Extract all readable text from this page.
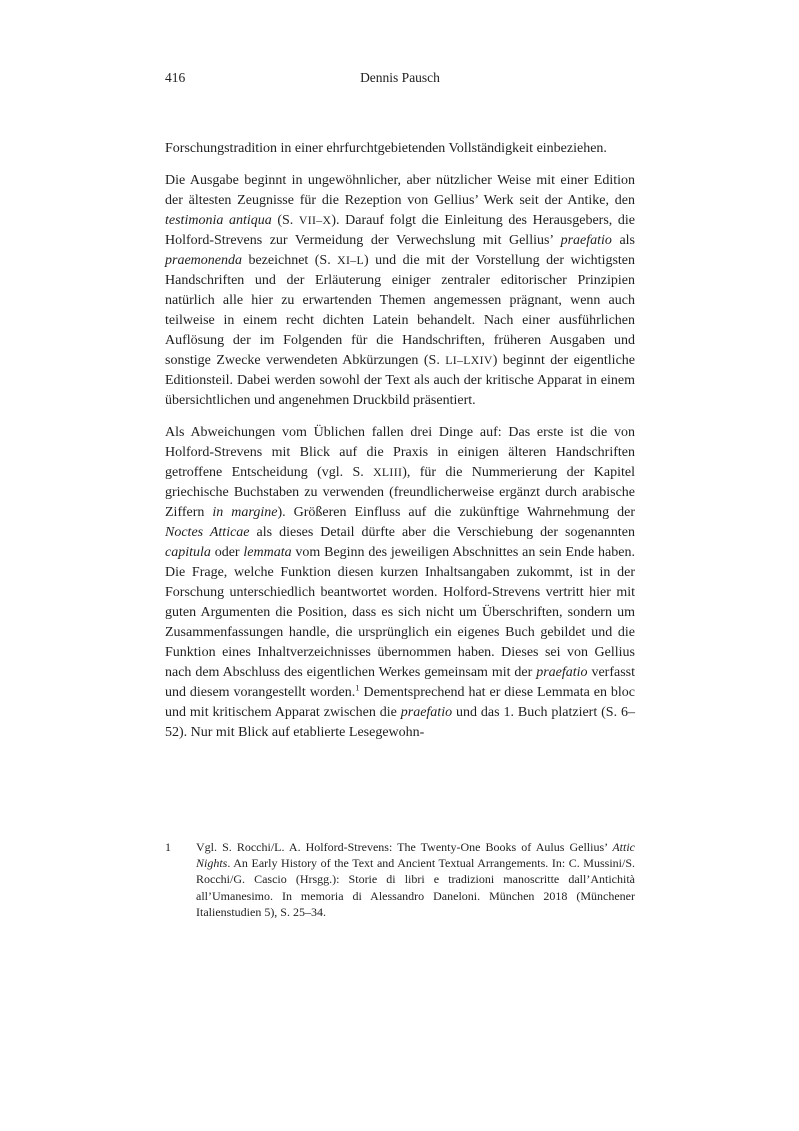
416	Dennis Pausch

Forschungstradition in einer ehrfurchtgebietenden Vollständigkeit einbeziehen.

Die Ausgabe beginnt in ungewöhnlicher, aber nützlicher Weise mit einer Edition der ältesten Zeugnisse für die Rezeption von Gellius’ Werk seit der Antike, den testimonia antiqua (S. VII–X). Darauf folgt die Einleitung des Herausgebers, die Holford-Strevens zur Vermeidung der Verwechslung mit Gellius’ praefatio als praemonenda bezeichnet (S. XI–L) und die mit der Vorstellung der wichtigsten Handschriften und der Erläuterung einiger zentraler editorischer Prinzipien natürlich alle hier zu erwartenden Themen angemessen prägnant, wenn auch teilweise in einem recht dichten Latein behandelt. Nach einer ausführlichen Auflösung der im Folgenden für die Handschriften, früheren Ausgaben und sonstige Zwecke verwendeten Abkürzungen (S. LI–LXIV) beginnt der eigentliche Editionsteil. Dabei werden sowohl der Text als auch der kritische Apparat in einem übersichtlichen und angenehmen Druckbild präsentiert.

Als Abweichungen vom Üblichen fallen drei Dinge auf: Das erste ist die von Holford-Strevens mit Blick auf die Praxis in einigen älteren Handschriften getroffene Entscheidung (vgl. S. XLIII), für die Nummerierung der Kapitel griechische Buchstaben zu verwenden (freundlicherweise ergänzt durch arabische Ziffern in margine). Größeren Einfluss auf die zukünftige Wahrnehmung der Noctes Atticae als dieses Detail dürfte aber die Verschiebung der sogenannten capitula oder lemmata vom Beginn des jeweiligen Abschnittes an sein Ende haben. Die Frage, welche Funktion diesen kurzen Inhaltsangaben zukommt, ist in der Forschung unterschiedlich beantwortet worden. Holford-Strevens vertritt hier mit guten Argumenten die Position, dass es sich nicht um Überschriften, sondern um Zusammenfassungen handle, die ursprünglich ein eigenes Buch gebildet und die Funktion eines Inhaltverzeichnisses übernommen haben. Dieses sei von Gellius nach dem Abschluss des eigentlichen Werkes gemeinsam mit der praefatio verfasst und diesem vorangestellt worden.$^1$ Dementsprechend hat er diese Lemmata en bloc und mit kritischem Apparat zwischen die praefatio und das 1. Buch platziert (S. 6–52). Nur mit Blick auf etablierte Lesegewohn-

1 Vgl. S. Rocchi/L. A. Holford-Strevens: The Twenty-One Books of Aulus Gellius’ Attic Nights. An Early History of the Text and Ancient Textual Arrangements. In: C. Mussini/S. Rocchi/G. Cascio (Hrsgg.): Storie di libri e tradizioni manoscritte dall’Antichità all’Umanesimo. In memoria di Alessandro Daneloni. München 2018 (Münchener Italienstudien 5), S. 25–34.
